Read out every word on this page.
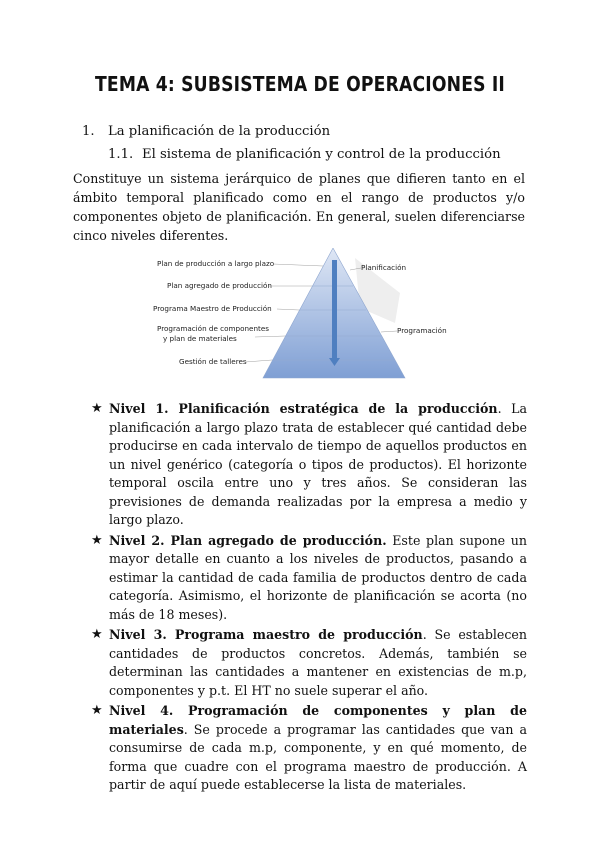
TEMA 4: SUBSISTEMA DE OPERACIONES II
1. La planificación de la producción
1.1. El sistema de planificación y control de la producción
Constituye un sistema jerárquico de planes que difieren tanto en el ámbito temporal planificado como en el rango de productos y/o componentes objeto de planificación. En general, suelen diferenciarse cinco niveles diferentes.
Plan de producción a largo plazo
Plan agregado de producción
Programa Maestro de Producción
Programación de componentes
y plan de materiales
Gestión de talleres
Planificación
Programación
★ Nivel 1. Planificación estratégica de la producción. La planificación a largo plazo trata de establecer qué cantidad debe producirse en cada intervalo de tiempo de aquellos productos en un nivel genérico (categoría o tipos de productos). El horizonte temporal oscila entre uno y tres años. Se consideran las previsiones de demanda realizadas por la empresa a medio y largo plazo.
★ Nivel 2. Plan agregado de producción. Este plan supone un mayor detalle en cuanto a los niveles de productos, pasando a estimar la cantidad de cada familia de productos dentro de cada categoría. Asimismo, el horizonte de planificación se acorta (no más de 18 meses).
★ Nivel 3. Programa maestro de producción. Se establecen cantidades de productos concretos. Además, también se determinan las cantidades a mantener en existencias de m.p, componentes y p.t. El HT no suele superar el año.
★ Nivel 4. Programación de componentes y plan de materiales. Se procede a programar las cantidades que van a consumirse de cada m.p, componente, y en qué momento, de forma que cuadre con el programa maestro de producción. A partir de aquí puede establecerse la lista de materiales.
